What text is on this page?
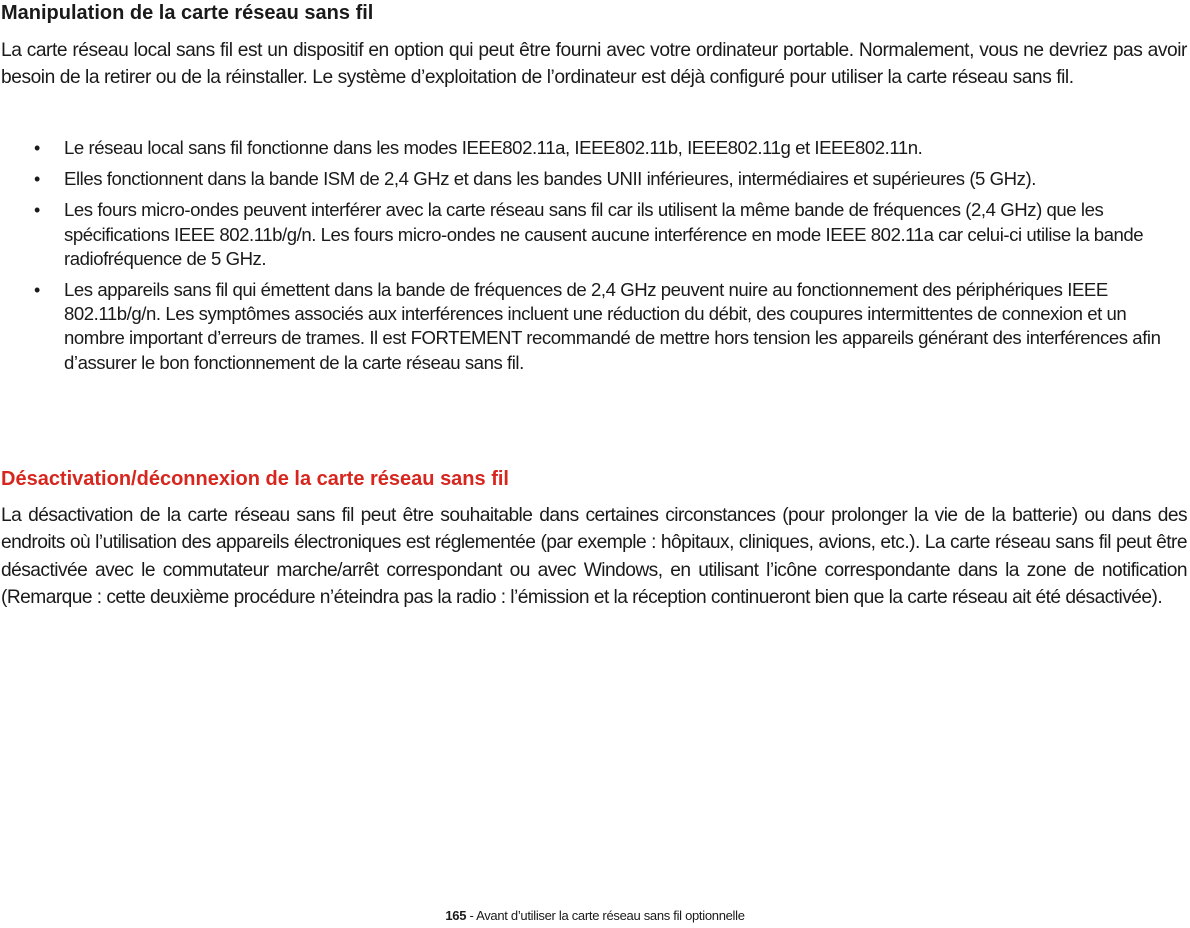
Manipulation de la carte réseau sans fil

La carte réseau local sans fil est un dispositif en option qui peut être fourni avec votre ordinateur portable. Normalement, vous ne devriez pas avoir besoin de la retirer ou de la réinstaller. Le système d’exploitation de l’ordinateur est déjà configuré pour utiliser la carte réseau sans fil.

• Le réseau local sans fil fonctionne dans les modes IEEE802.11a, IEEE802.11b, IEEE802.11g et IEEE802.11n.
• Elles fonctionnent dans la bande ISM de 2,4 GHz et dans les bandes UNII inférieures, intermédiaires et supérieures (5 GHz).
• Les fours micro-ondes peuvent interférer avec la carte réseau sans fil car ils utilisent la même bande de fréquences (2,4 GHz) que les spécifications IEEE 802.11b/g/n. Les fours micro-ondes ne causent aucune interférence en mode IEEE 802.11a car celui-ci utilise la bande radiofréquence de 5 GHz.
• Les appareils sans fil qui émettent dans la bande de fréquences de 2,4 GHz peuvent nuire au fonctionnement des périphériques IEEE 802.11b/g/n. Les symptômes associés aux interférences incluent une réduction du débit, des coupures intermittentes de connexion et un nombre important d’erreurs de trames. Il est FORTEMENT recommandé de mettre hors tension les appareils générant des interférences afin d’assurer le bon fonctionnement de la carte réseau sans fil.
Désactivation/déconnexion de la carte réseau sans fil

La désactivation de la carte réseau sans fil peut être souhaitable dans certaines circonstances (pour prolonger la vie de la batterie) ou dans des endroits où l’utilisation des appareils électroniques est réglementée (par exemple : hôpitaux, cliniques, avions, etc.). La carte réseau sans fil peut être désactivée avec le commutateur marche/arrêt correspondant ou avec Windows, en utilisant l’icône correspondante dans la zone de notification (Remarque : cette deuxième procédure n’éteindra pas la radio : l’émission et la réception continueront bien que la carte réseau ait été désactivée).

165 - Avant d’utiliser la carte réseau sans fil optionnelle
